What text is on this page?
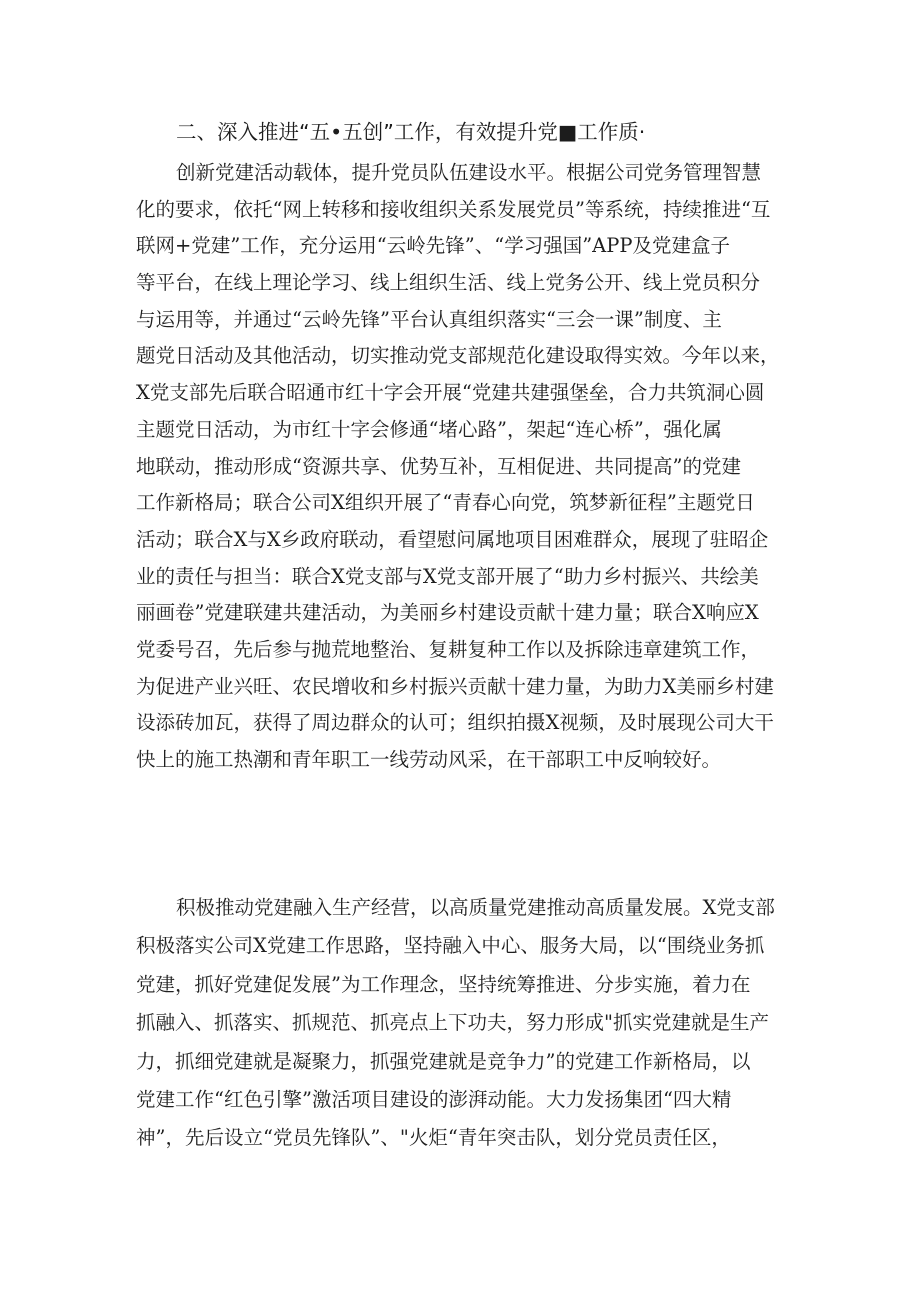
二、深入推进“五•五创”工作，有效提升党■工作质·
创新党建活动载体，提升党员队伍建设水平。根据公司党务管理智慧
化的要求，依托“网上转移和接收组织关系发展党员”等系统，持续推进“互
联网+党建”工作，充分运用“云岭先锋”、“学习强国”APP及党建盒子
等平台，在线上理论学习、线上组织生活、线上党务公开、线上党员积分
与运用等，并通过“云岭先锋”平台认真组织落实“三会一课”制度、主
题党日活动及其他活动，切实推动党支部规范化建设取得实效。今年以来，
X党支部先后联合昭通市红十字会开展“党建共建强堡垒，合力共筑洞心圆
主题党日活动，为市红十字会修通“堵心路”，架起“连心桥”，强化属
地联动，推动形成“资源共享、优势互补，互相促进、共同提高”的党建
工作新格局；联合公司X组织开展了“青春心向党，筑梦新征程”主题党日
活动；联合X与X乡政府联动，看望慰问属地项目困难群众，展现了驻昭企
业的责任与担当：联合X党支部与X党支部开展了“助力乡村振兴、共绘美
丽画卷”党建联建共建活动，为美丽乡村建设贡献十建力量；联合X响应X
党委号召，先后参与抛荒地整治、复耕复种工作以及拆除违章建筑工作，
为促进产业兴旺、农民增收和乡村振兴贡献十建力量，为助力X美丽乡村建
设添砖加瓦，获得了周边群众的认可；组织拍摄X视频，及时展现公司大干
快上的施工热潮和青年职工一线劳动风采，在干部职工中反响较好。
积极推动党建融入生产经营，以高质量党建推动高质量发展。X党支部
积极落实公司X党建工作思路，坚持融入中心、服务大局，以“围绕业务抓
党建，抓好党建促发展”为工作理念，坚持统筹推进、分步实施，着力在
抓融入、抓落实、抓规范、抓亮点上下功夫，努力形成"抓实党建就是生产
力，抓细党建就是凝聚力，抓强党建就是竞争力”的党建工作新格局，以
党建工作“红色引擎”激活项目建设的澎湃动能。大力发扬集团“四大精
神”，先后设立“党员先锋队”、"火炬“青年突击队，划分党员责任区，
